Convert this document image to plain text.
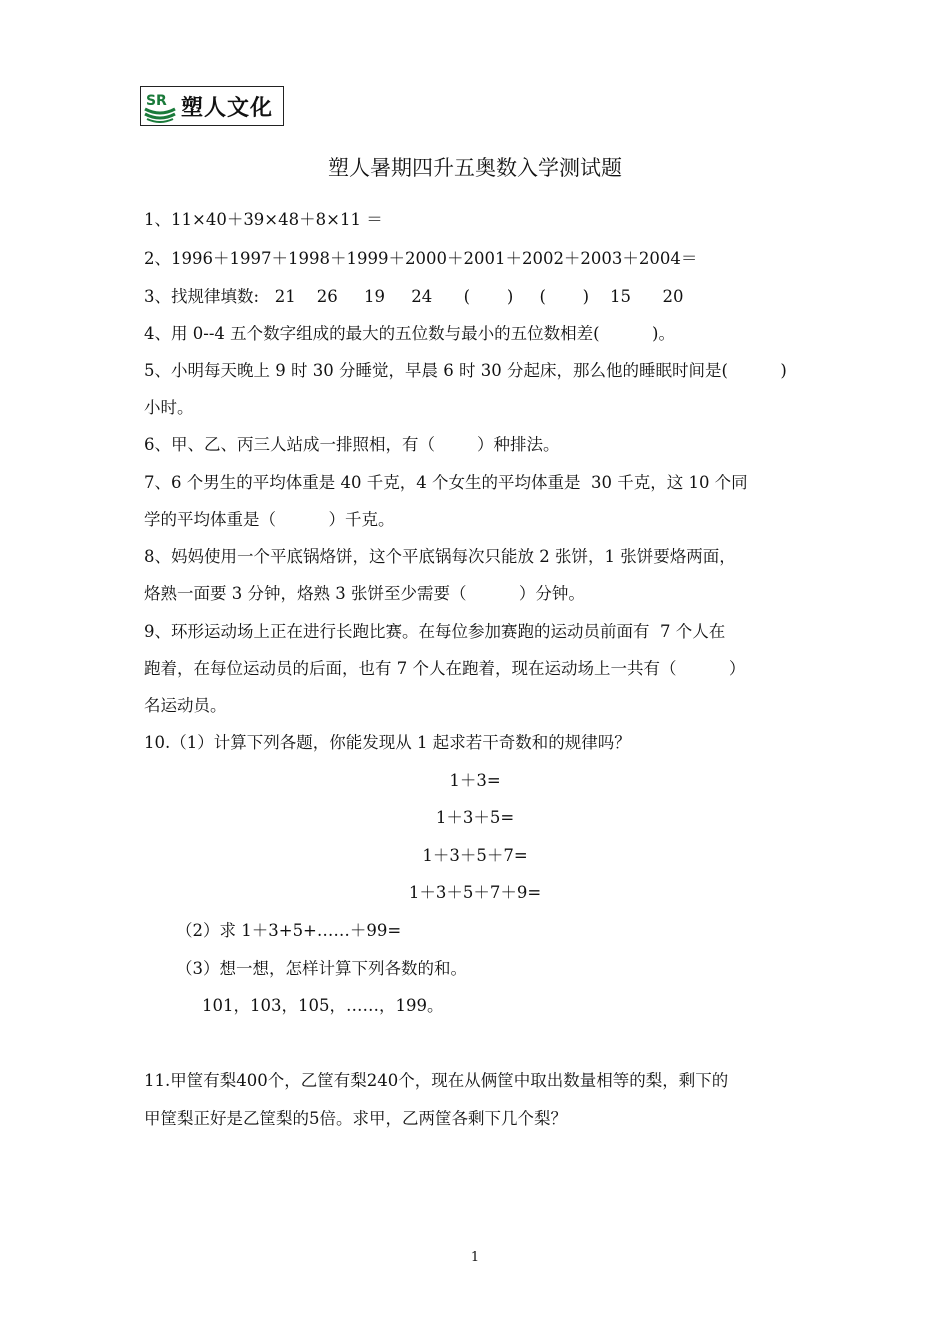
S R 塑人文化
塑人暑期四升五奥数入学测试题
1、11×40＋39×48＋8×11 ＝
2、1996＋1997＋1998＋1999＋2000＋2001＋2002＋2003＋2004＝
3、找规律填数:   21    26     19     24      (       )     (       )    15      20
4、用 0--4 五个数字组成的最大的五位数与最小的五位数相差(          )。
5、小明每天晚上 9 时 30 分睡觉，早晨 6 时 30 分起床，那么他的睡眠时间是(          )
小时。
6、甲、乙、丙三人站成一排照相，有（        ）种排法。
7、6 个男生的平均体重是 40 千克，4 个女生的平均体重是  30 千克，这 10 个同
学的平均体重是（          ）千克。
8、妈妈使用一个平底锅烙饼，这个平底锅每次只能放 2 张饼，1 张饼要烙两面，
烙熟一面要 3 分钟，烙熟 3 张饼至少需要（          ）分钟。
9、环形运动场上正在进行长跑比赛。在每位参加赛跑的运动员前面有  7 个人在
跑着，在每位运动员的后面，也有 7 个人在跑着，现在运动场上一共有（          ）
名运动员。
10.（1）计算下列各题，你能发现从 1 起求若干奇数和的规律吗？
1＋3=
1＋3＋5=
1＋3＋5＋7=
1＋3＋5＋7＋9=
（2）求 1＋3+5+……＋99=
（3）想一想，怎样计算下列各数的和。
101，103，105，……，199。
11.甲筐有梨400个，乙筐有梨240个，现在从俩筐中取出数量相等的梨，剩下的
甲筐梨正好是乙筐梨的5倍。求甲，乙两筐各剩下几个梨？
1
